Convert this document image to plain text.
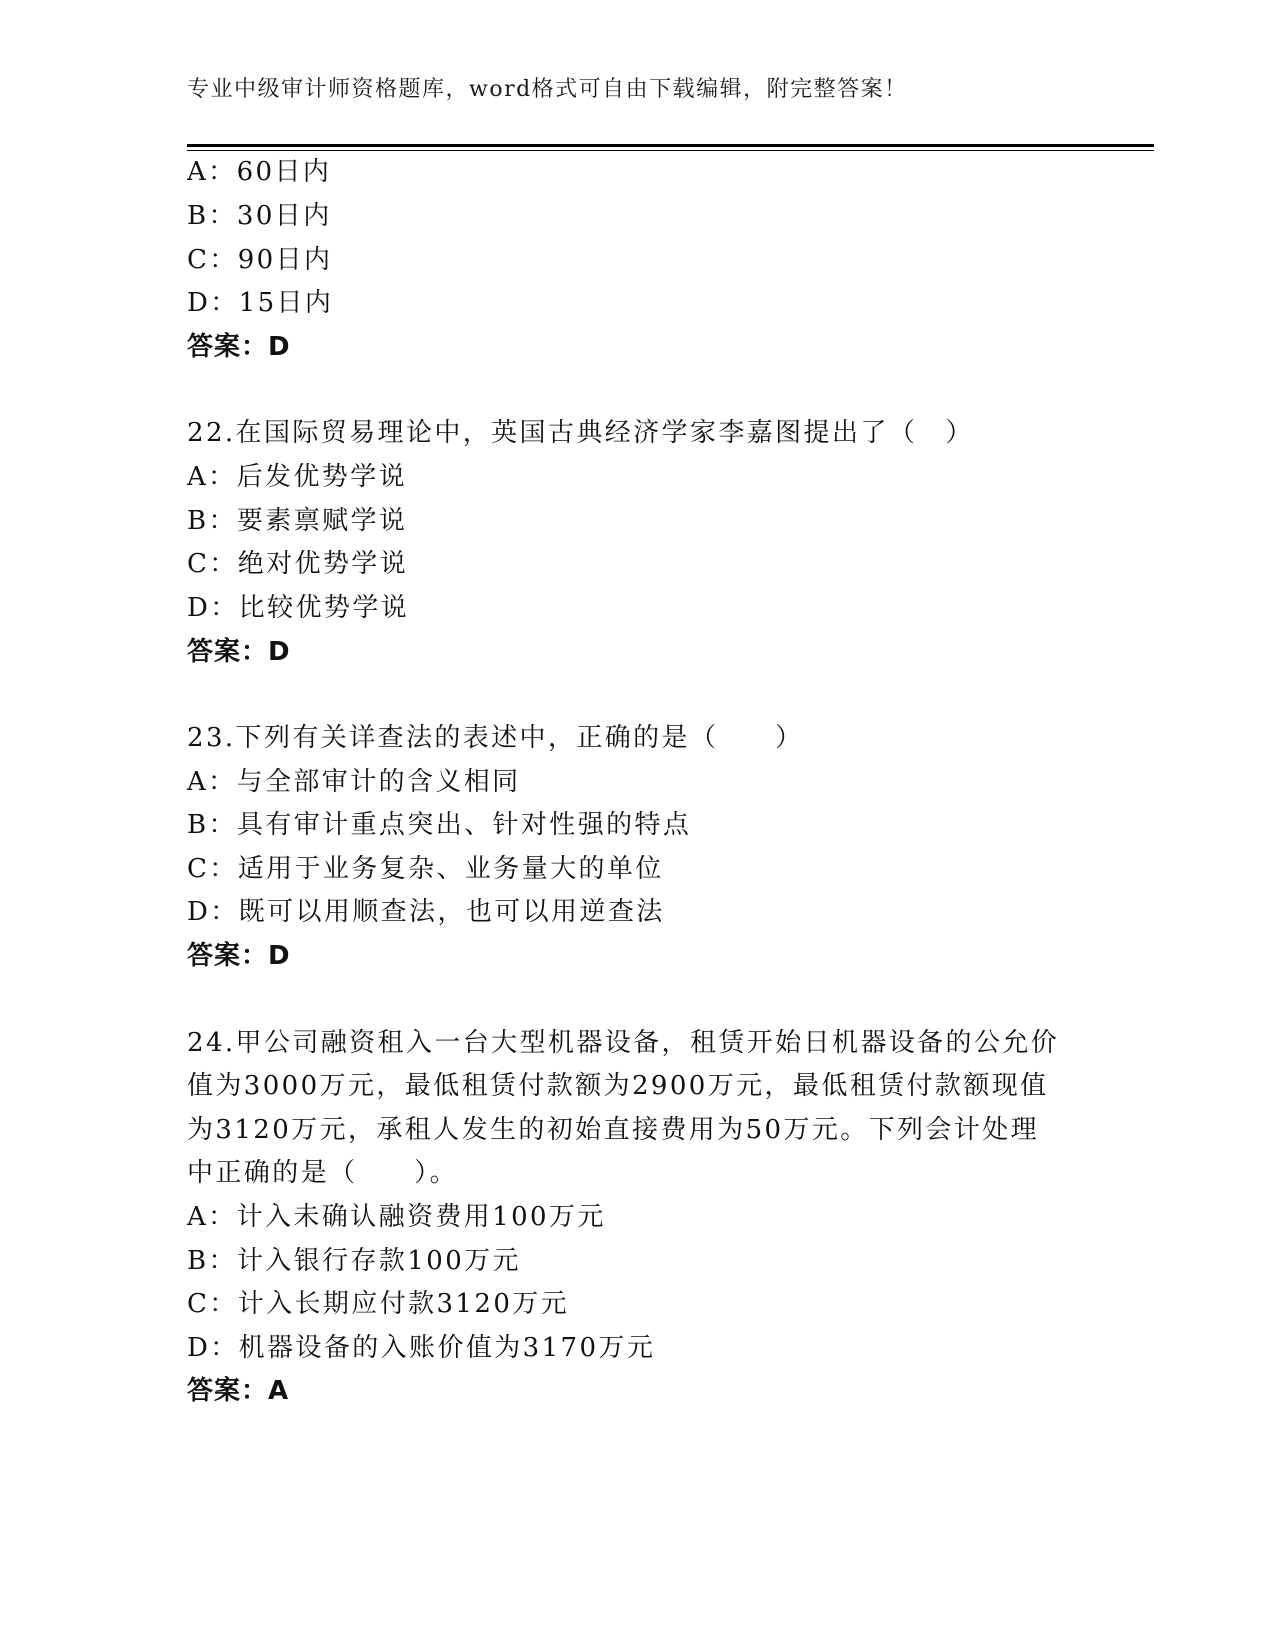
专业中级审计师资格题库，word格式可自由下载编辑，附完整答案！
A：60日内
B：30日内
C：90日内
D：15日内
答案：D
22.在国际贸易理论中，英国古典经济学家李嘉图提出了（　）
A：后发优势学说
B：要素禀赋学说
C：绝对优势学说
D：比较优势学说
答案：D
23.下列有关详查法的表述中，正确的是（　　）
A：与全部审计的含义相同
B：具有审计重点突出、针对性强的特点
C：适用于业务复杂、业务量大的单位
D：既可以用顺查法，也可以用逆查法
答案：D
24.甲公司融资租入一台大型机器设备，租赁开始日机器设备的公允价
值为3000万元，最低租赁付款额为2900万元，最低租赁付款额现值
为3120万元，承租人发生的初始直接费用为50万元。下列会计处理
中正确的是（　　）。
A：计入未确认融资费用100万元
B：计入银行存款100万元
C：计入长期应付款3120万元
D：机器设备的入账价值为3170万元
答案：A
